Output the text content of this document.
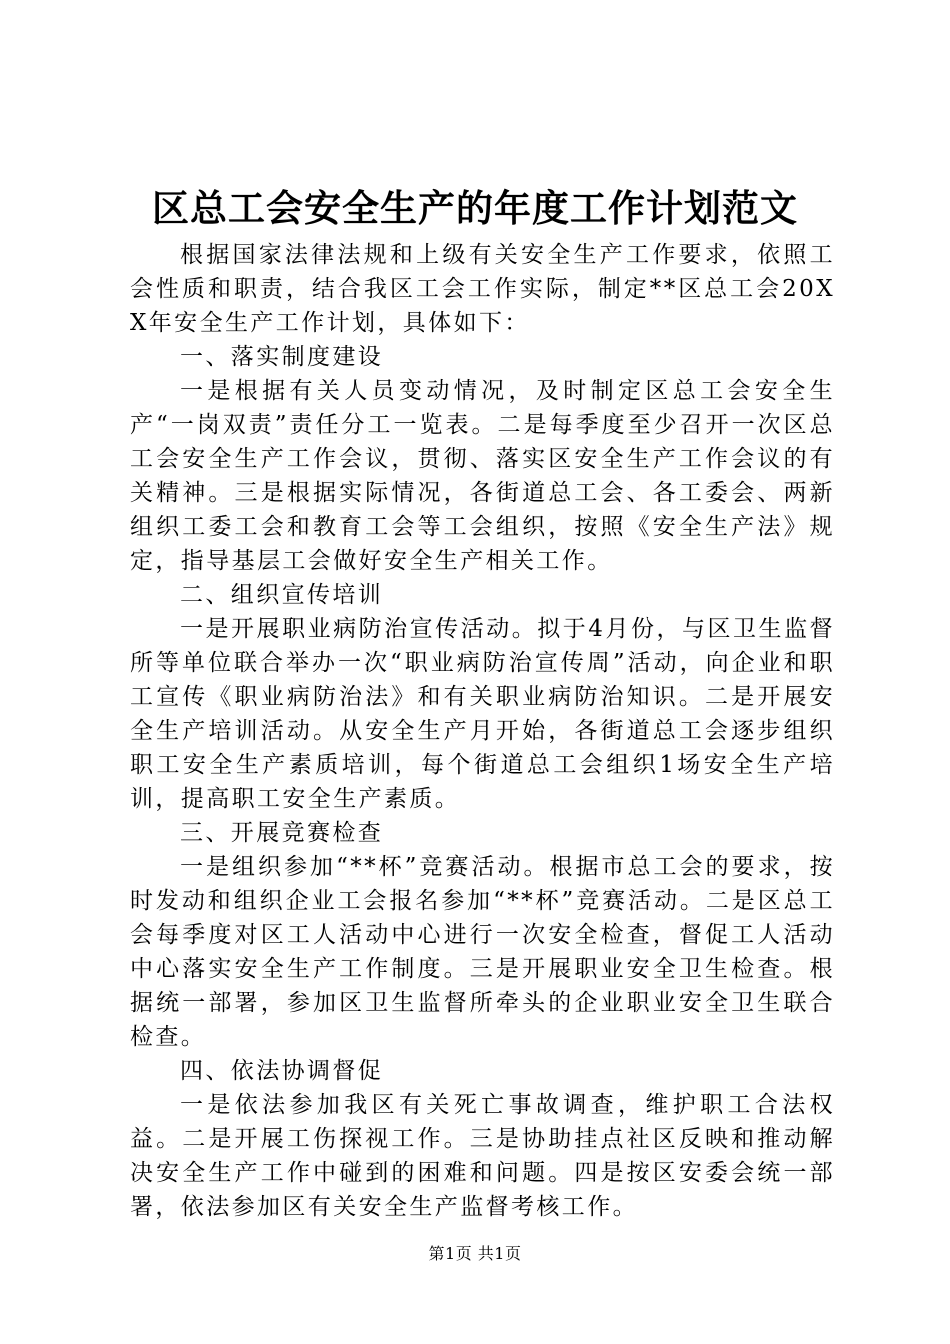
区总工会安全生产的年度工作计划范文

根据国家法律法规和上级有关安全生产工作要求，依照工会性质和职责，结合我区工会工作实际，制定**区总工会20XX年安全生产工作计划，具体如下：

一、落实制度建设

一是根据有关人员变动情况，及时制定区总工会安全生产“一岗双责”责任分工一览表。二是每季度至少召开一次区总工会安全生产工作会议，贯彻、落实区安全生产工作会议的有关精神。三是根据实际情况，各街道总工会、各工委会、两新组织工委工会和教育工会等工会组织，按照《安全生产法》规定，指导基层工会做好安全生产相关工作。

二、组织宣传培训

一是开展职业病防治宣传活动。拟于4月份，与区卫生监督所等单位联合举办一次“职业病防治宣传周”活动，向企业和职工宣传《职业病防治法》和有关职业病防治知识。二是开展安全生产培训活动。从安全生产月开始，各街道总工会逐步组织职工安全生产素质培训，每个街道总工会组织1场安全生产培训，提高职工安全生产素质。

三、开展竞赛检查

一是组织参加“**杯”竞赛活动。根据市总工会的要求，按时发动和组织企业工会报名参加“**杯”竞赛活动。二是区总工会每季度对区工人活动中心进行一次安全检查，督促工人活动中心落实安全生产工作制度。三是开展职业安全卫生检查。根据统一部署，参加区卫生监督所牵头的企业职业安全卫生联合检查。

四、依法协调督促

一是依法参加我区有关死亡事故调查，维护职工合法权益。二是开展工伤探视工作。三是协助挂点社区反映和推动解决安全生产工作中碰到的困难和问题。四是按区安委会统一部署，依法参加区有关安全生产监督考核工作。

第1页 共1页
